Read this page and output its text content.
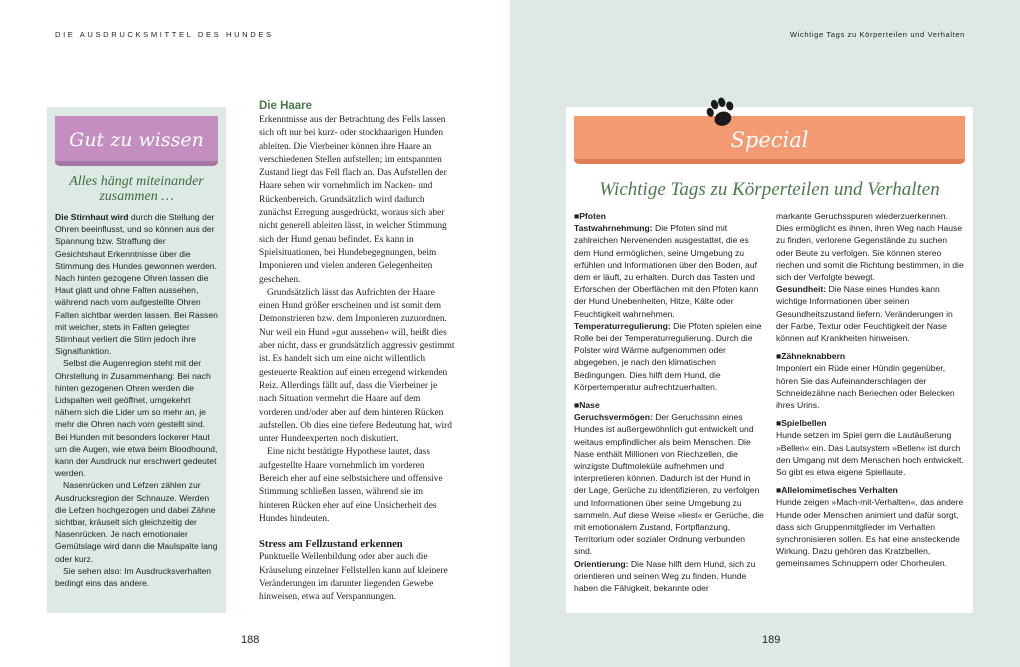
DIE AUSDRUCKSMITTEL DES HUNDES
Gut zu wissen
Alles hängt miteinander zusammen …

Die Stirnhaut wird durch die Stellung der Ohren beeinflusst, und so können aus der Spannung bzw. Straffung der Gesichtshaut Erkenntnisse über die Stimmung des Hundes gewonnen werden. Nach hinten gezogene Ohren lassen die Haut glatt und ohne Falten aussehen, während nach vorn aufgestellte Ohren Falten sichtbar werden lassen. Bei Rassen mit weicher, stets in Falten gelegter Stirnhaut verliert die Stirn jedoch ihre Signalfunktion.

Selbst die Augenregion steht mit der Ohrstellung in Zusammenhang: Bei nach hinten gezogenen Ohren werden die Lidspalten weit geöffnet, umgekehrt nähern sich die Lider um so mehr an, je mehr die Ohren nach vorn gestellt sind. Bei Hunden mit besonders lockerer Haut um die Augen, wie etwa beim Bloodhound, kann der Ausdruck nur erschwert gedeutet werden.

Nasenrücken und Lefzen zählen zur Ausdrucksregion der Schnauze. Werden die Lefzen hochgezogen und dabei Zähne sichtbar, kräuselt sich gleichzeitig der Nasenrücken. Je nach emotionaler Gemütslage wird dann die Maulspalte lang oder kurz.

Sie sehen also: Im Ausdrucksverhalten bedingt eins das andere.

Die Haare

Erkenntnisse aus der Betrachtung des Fells lassen sich oft nur bei kurz- oder stockhaarigen Hunden ableiten. Die Vierbeiner können ihre Haare an verschiedenen Stellen aufstellen; im entspannten Zustand liegt das Fell flach an. Das Aufstellen der Haare sehen wir vornehmlich im Nacken- und Rückenbereich. Grundsätzlich wird dadurch zunächst Erregung ausgedrückt, woraus sich aber nicht generell ableiten lässt, in welcher Stimmung sich der Hund genau befindet. Es kann in Spielsituationen, bei Hundebegegnungen, beim Imponieren und vielen anderen Gelegenheiten geschehen.

Grundsätzlich lässt das Aufrichten der Haare einen Hund größer erscheinen und ist somit dem Demonstrieren bzw. dem Imponieren zuzuordnen. Nur weil ein Hund »gut aussehen« will, heißt dies aber nicht, dass er grundsätzlich aggressiv gestimmt ist. Es handelt sich um eine nicht willentlich gesteuerte Reaktion auf einen erregend wirkenden Reiz. Allerdings fällt auf, dass die Vierbeiner je nach Situation vermehrt die Haare auf dem vorderen und/oder aber auf dem hinteren Rücken aufstellen. Ob dies eine tiefere Bedeutung hat, wird unter Hundeexperten noch diskutiert.

Eine nicht bestätigte Hypothese lautet, dass aufgestellte Haare vornehmlich im vorderen Bereich eher auf eine selbstsichere und offensive Stimmung schließen lassen, während sie im hinteren Rücken eher auf eine Unsicherheit des Hundes hindeuten.

Stress am Fellzustand erkennen

Punktuelle Wellenbildung oder aber auch die Kräuselung einzelner Fellstellen kann auf kleinere Veränderungen im darunter liegenden Gewebe hinweisen, etwa auf Verspannungen.

188
Wichtige Tags zu Körperteilen und Verhalten
189
Special
Wichtige Tags zu Körperteilen und Verhalten

■Pfoten

Tastwahrnehmung: Die Pfoten sind mit zahlreichen Nervenenden ausgestattet, die es dem Hund ermöglichen, seine Umgebung zu erfühlen und Informationen über den Boden, auf dem er läuft, zu erhalten. Durch das Tasten und Erforschen der Oberflächen mit den Pfoten kann der Hund Unebenheiten, Hitze, Kälte oder Feuchtigkeit wahrnehmen.

Temperaturregulierung: Die Pfoten spielen eine Rolle bei der Temperaturregulierung. Durch die Polster wird Wärme aufgenommen oder abgegeben, je nach den klimatischen Bedingungen. Dies hilft dem Hund, die Körpertemperatur aufrechtzuerhalten.

■Nase

Geruchsvermögen: Der Geruchssinn eines Hundes ist außergewöhnlich gut entwickelt und weitaus empfindlicher als beim Menschen. Die Nase enthält Millionen von Riechzellen, die winzigste Duftmoleküle aufnehmen und interpretieren können. Dadurch ist der Hund in der Lage, Gerüche zu identifizieren, zu verfolgen und Informationen über seine Umgebung zu sammeln. Auf diese Weise »liest« er Gerüche, die mit emotionalem Zustand, Fortpflanzung, Territorium oder sozialer Ordnung verbunden sind.

Orientierung: Die Nase hilft dem Hund, sich zu orientieren und seinen Weg zu finden. Hunde haben die Fähigkeit, bekannte oder

markante Geruchsspuren wiederzuerkennen. Dies ermöglicht es ihnen, ihren Weg nach Hause zu finden, verlorene Gegenstände zu suchen oder Beute zu verfolgen. Sie können stereo riechen und somit die Richtung bestimmen, in die sich der Verfolgte bewegt.

Gesundheit: Die Nase eines Hundes kann wichtige Informationen über seinen Gesundheitszustand liefern. Veränderungen in der Farbe, Textur oder Feuchtigkeit der Nase können auf Krankheiten hinweisen.

■Zähneknabbern

Imponiert ein Rüde einer Hündin gegenüber, hören Sie das Aufeinanderschlagen der Schneidezähne nach Beriechen oder Belecken ihres Urins.

■Spielbellen

Hunde setzen im Spiel gern die Lautäußerung »Bellen« ein. Das Lautsystem »Bellen« ist durch den Umgang mit dem Menschen hoch entwickelt. So gibt es etwa eigene Spiellaute.

■Allelomimetisches Verhalten

Hunde zeigen »Mach-mit-Verhalten«, das andere Hunde oder Menschen animiert und dafür sorgt, dass sich Gruppenmitglieder im Verhalten synchronisieren sollen. Es hat eine ansteckende Wirkung. Dazu gehören das Kratzbellen, gemeinsames Schnuppern oder Chorheulen.
